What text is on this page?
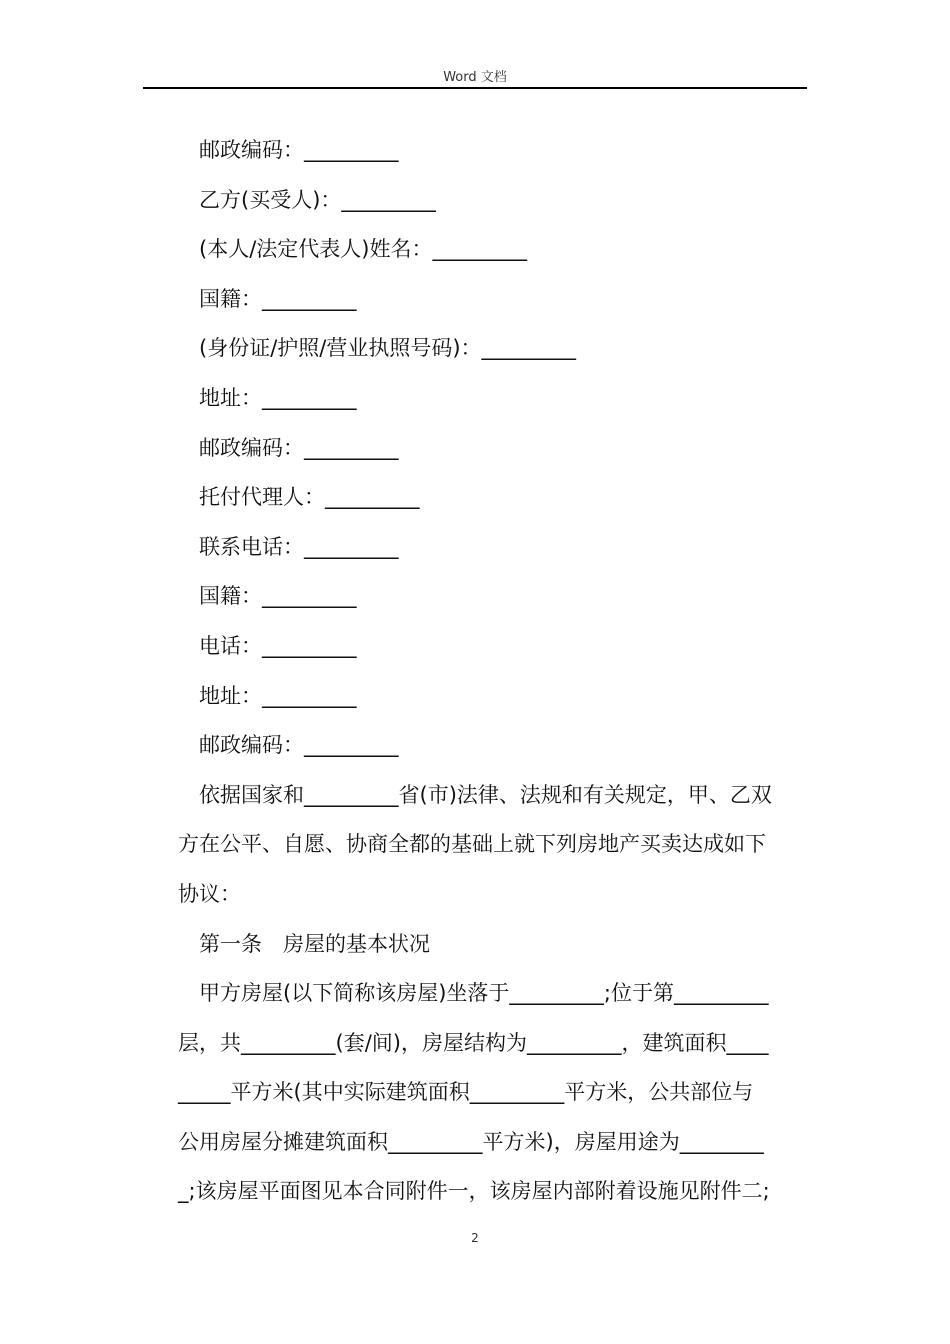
Word 文档
邮政编码：_________
乙方(买受人)：_________
(本人/法定代表人)姓名：_________
国籍：_________
(身份证/护照/营业执照号码)：_________
地址：_________
邮政编码：_________
托付代理人：_________
联系电话：_________
国籍：_________
电话：_________
地址：_________
邮政编码：_________
依据国家和_________省(市)法律、法规和有关规定，甲、乙双
方在公平、自愿、协商全都的基础上就下列房地产买卖达成如下
协议：
第一条　房屋的基本状况
甲方房屋(以下简称该房屋)坐落于_________;位于第_________
层，共_________(套/间)，房屋结构为_________，建筑面积____
_____平方米(其中实际建筑面积_________平方米，公共部位与
公用房屋分摊建筑面积_________平方米)，房屋用途为________
_;该房屋平面图见本合同附件一，该房屋内部附着设施见附件二;
2
